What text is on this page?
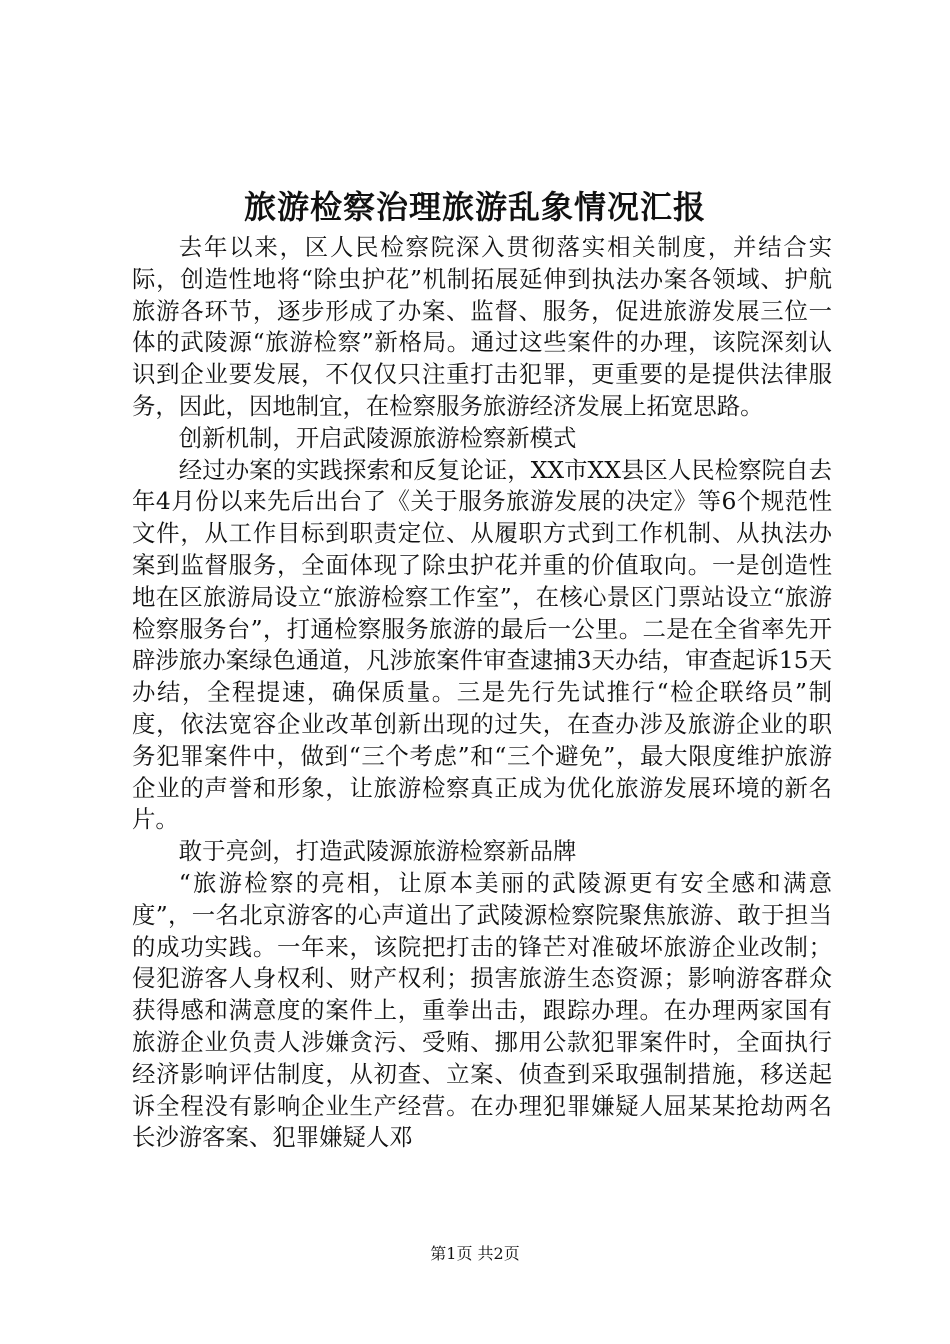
旅游检察治理旅游乱象情况汇报

去年以来，区人民检察院深入贯彻落实相关制度，并结合实际，创造性地将“除虫护花”机制拓展延伸到执法办案各领域、护航旅游各环节，逐步形成了办案、监督、服务，促进旅游发展三位一体的武陵源“旅游检察”新格局。通过这些案件的办理，该院深刻认识到企业要发展，不仅仅只注重打击犯罪，更重要的是提供法律服务，因此，因地制宜，在检察服务旅游经济发展上拓宽思路。

创新机制，开启武陵源旅游检察新模式

经过办案的实践探索和反复论证，XX市XX县区人民检察院自去年4月份以来先后出台了《关于服务旅游发展的决定》等6个规范性文件，从工作目标到职责定位、从履职方式到工作机制、从执法办案到监督服务，全面体现了除虫护花并重的价值取向。一是创造性地在区旅游局设立“旅游检察工作室”，在核心景区门票站设立“旅游检察服务台”，打通检察服务旅游的最后一公里。二是在全省率先开辟涉旅办案绿色通道，凡涉旅案件审查逮捕3天办结，审查起诉15天办结，全程提速，确保质量。三是先行先试推行“检企联络员”制度，依法宽容企业改革创新出现的过失，在查办涉及旅游企业的职务犯罪案件中，做到“三个考虑”和“三个避免”，最大限度维护旅游企业的声誉和形象，让旅游检察真正成为优化旅游发展环境的新名片。

敢于亮剑，打造武陵源旅游检察新品牌

“旅游检察的亮相，让原本美丽的武陵源更有安全感和满意度”，一名北京游客的心声道出了武陵源检察院聚焦旅游、敢于担当的成功实践。一年来，该院把打击的锋芒对准破坏旅游企业改制；侵犯游客人身权利、财产权利；损害旅游生态资源；影响游客群众获得感和满意度的案件上，重拳出击，跟踪办理。在办理两家国有旅游企业负责人涉嫌贪污、受贿、挪用公款犯罪案件时，全面执行经济影响评估制度，从初查、立案、侦查到采取强制措施，移送起诉全程没有影响企业生产经营。在办理犯罪嫌疑人屈某某抢劫两名长沙游客案、犯罪嫌疑人邓

第1页 共2页
